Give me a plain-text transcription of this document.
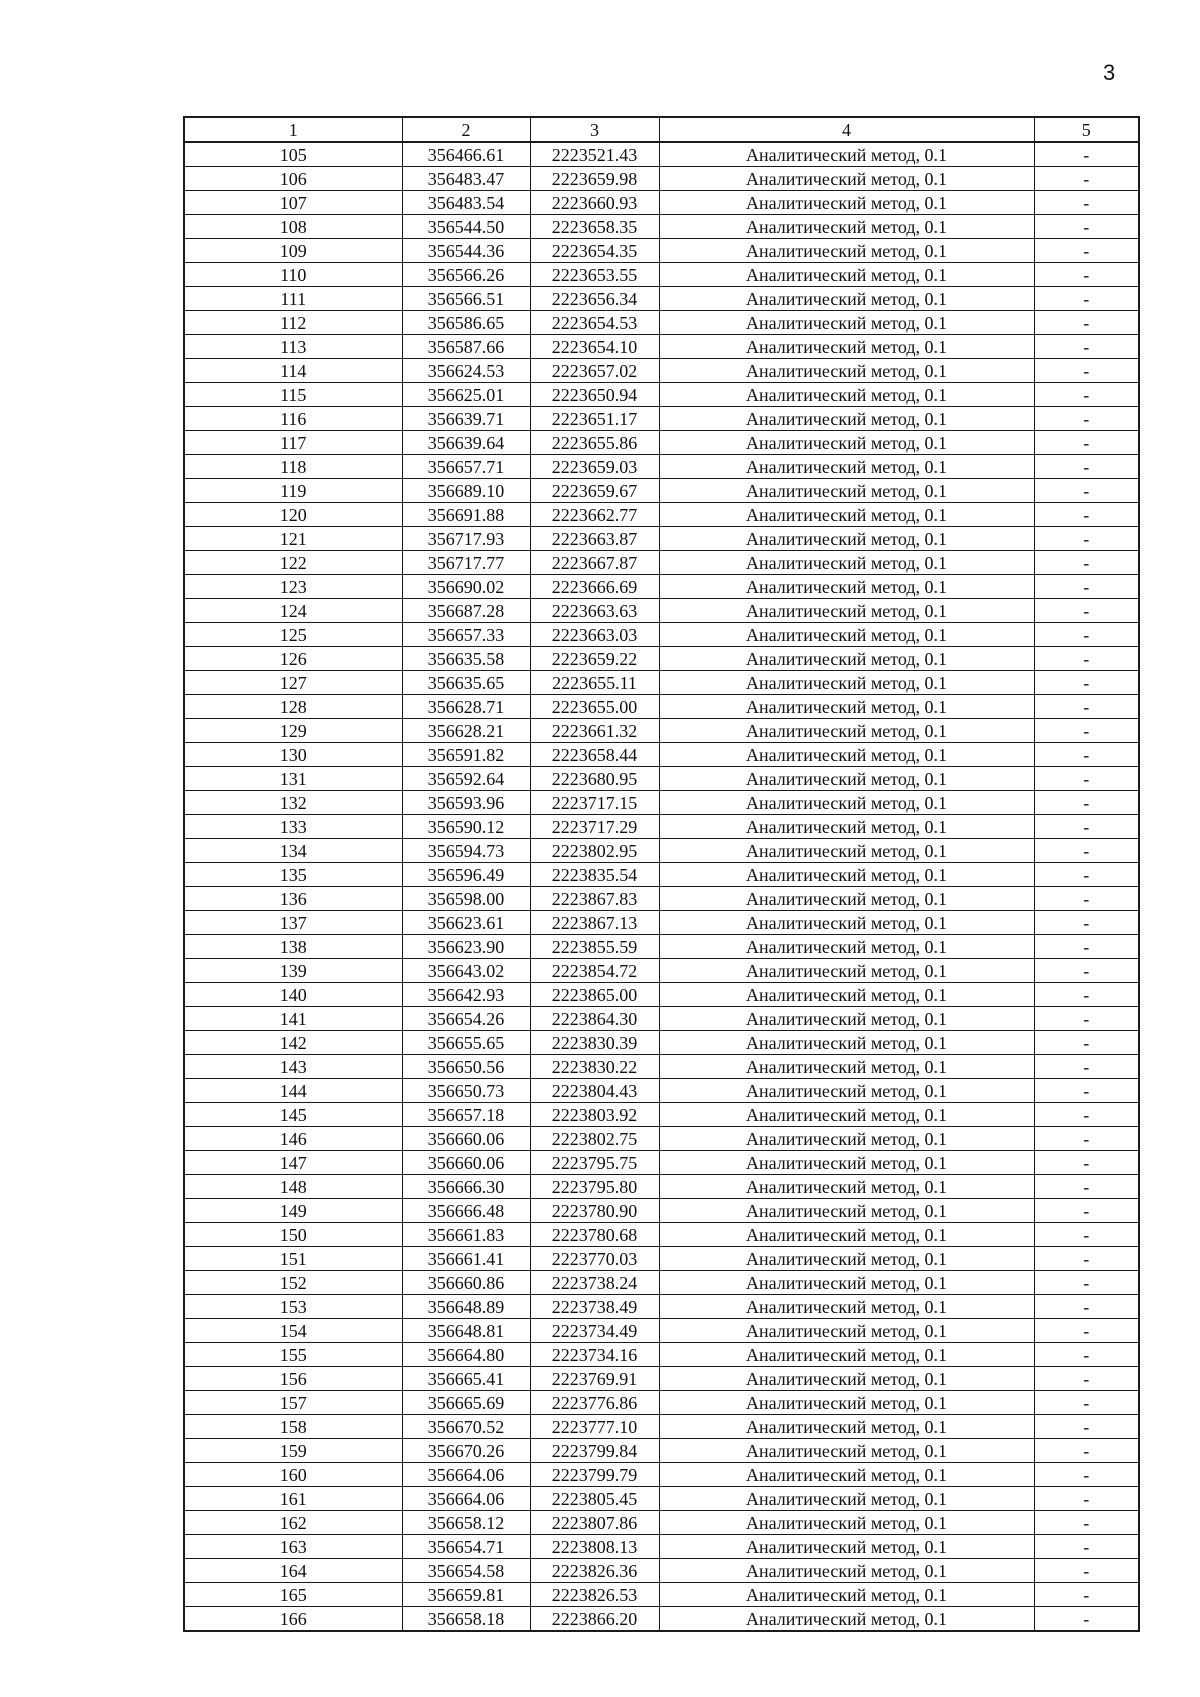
3
1	2	3	4	5
105	356466.61	2223521.43	Аналитический метод, 0.1	-
106	356483.47	2223659.98	Аналитический метод, 0.1	-
107	356483.54	2223660.93	Аналитический метод, 0.1	-
108	356544.50	2223658.35	Аналитический метод, 0.1	-
109	356544.36	2223654.35	Аналитический метод, 0.1	-
110	356566.26	2223653.55	Аналитический метод, 0.1	-
111	356566.51	2223656.34	Аналитический метод, 0.1	-
112	356586.65	2223654.53	Аналитический метод, 0.1	-
113	356587.66	2223654.10	Аналитический метод, 0.1	-
114	356624.53	2223657.02	Аналитический метод, 0.1	-
115	356625.01	2223650.94	Аналитический метод, 0.1	-
116	356639.71	2223651.17	Аналитический метод, 0.1	-
117	356639.64	2223655.86	Аналитический метод, 0.1	-
118	356657.71	2223659.03	Аналитический метод, 0.1	-
119	356689.10	2223659.67	Аналитический метод, 0.1	-
120	356691.88	2223662.77	Аналитический метод, 0.1	-
121	356717.93	2223663.87	Аналитический метод, 0.1	-
122	356717.77	2223667.87	Аналитический метод, 0.1	-
123	356690.02	2223666.69	Аналитический метод, 0.1	-
124	356687.28	2223663.63	Аналитический метод, 0.1	-
125	356657.33	2223663.03	Аналитический метод, 0.1	-
126	356635.58	2223659.22	Аналитический метод, 0.1	-
127	356635.65	2223655.11	Аналитический метод, 0.1	-
128	356628.71	2223655.00	Аналитический метод, 0.1	-
129	356628.21	2223661.32	Аналитический метод, 0.1	-
130	356591.82	2223658.44	Аналитический метод, 0.1	-
131	356592.64	2223680.95	Аналитический метод, 0.1	-
132	356593.96	2223717.15	Аналитический метод, 0.1	-
133	356590.12	2223717.29	Аналитический метод, 0.1	-
134	356594.73	2223802.95	Аналитический метод, 0.1	-
135	356596.49	2223835.54	Аналитический метод, 0.1	-
136	356598.00	2223867.83	Аналитический метод, 0.1	-
137	356623.61	2223867.13	Аналитический метод, 0.1	-
138	356623.90	2223855.59	Аналитический метод, 0.1	-
139	356643.02	2223854.72	Аналитический метод, 0.1	-
140	356642.93	2223865.00	Аналитический метод, 0.1	-
141	356654.26	2223864.30	Аналитический метод, 0.1	-
142	356655.65	2223830.39	Аналитический метод, 0.1	-
143	356650.56	2223830.22	Аналитический метод, 0.1	-
144	356650.73	2223804.43	Аналитический метод, 0.1	-
145	356657.18	2223803.92	Аналитический метод, 0.1	-
146	356660.06	2223802.75	Аналитический метод, 0.1	-
147	356660.06	2223795.75	Аналитический метод, 0.1	-
148	356666.30	2223795.80	Аналитический метод, 0.1	-
149	356666.48	2223780.90	Аналитический метод, 0.1	-
150	356661.83	2223780.68	Аналитический метод, 0.1	-
151	356661.41	2223770.03	Аналитический метод, 0.1	-
152	356660.86	2223738.24	Аналитический метод, 0.1	-
153	356648.89	2223738.49	Аналитический метод, 0.1	-
154	356648.81	2223734.49	Аналитический метод, 0.1	-
155	356664.80	2223734.16	Аналитический метод, 0.1	-
156	356665.41	2223769.91	Аналитический метод, 0.1	-
157	356665.69	2223776.86	Аналитический метод, 0.1	-
158	356670.52	2223777.10	Аналитический метод, 0.1	-
159	356670.26	2223799.84	Аналитический метод, 0.1	-
160	356664.06	2223799.79	Аналитический метод, 0.1	-
161	356664.06	2223805.45	Аналитический метод, 0.1	-
162	356658.12	2223807.86	Аналитический метод, 0.1	-
163	356654.71	2223808.13	Аналитический метод, 0.1	-
164	356654.58	2223826.36	Аналитический метод, 0.1	-
165	356659.81	2223826.53	Аналитический метод, 0.1	-
166	356658.18	2223866.20	Аналитический метод, 0.1	-
